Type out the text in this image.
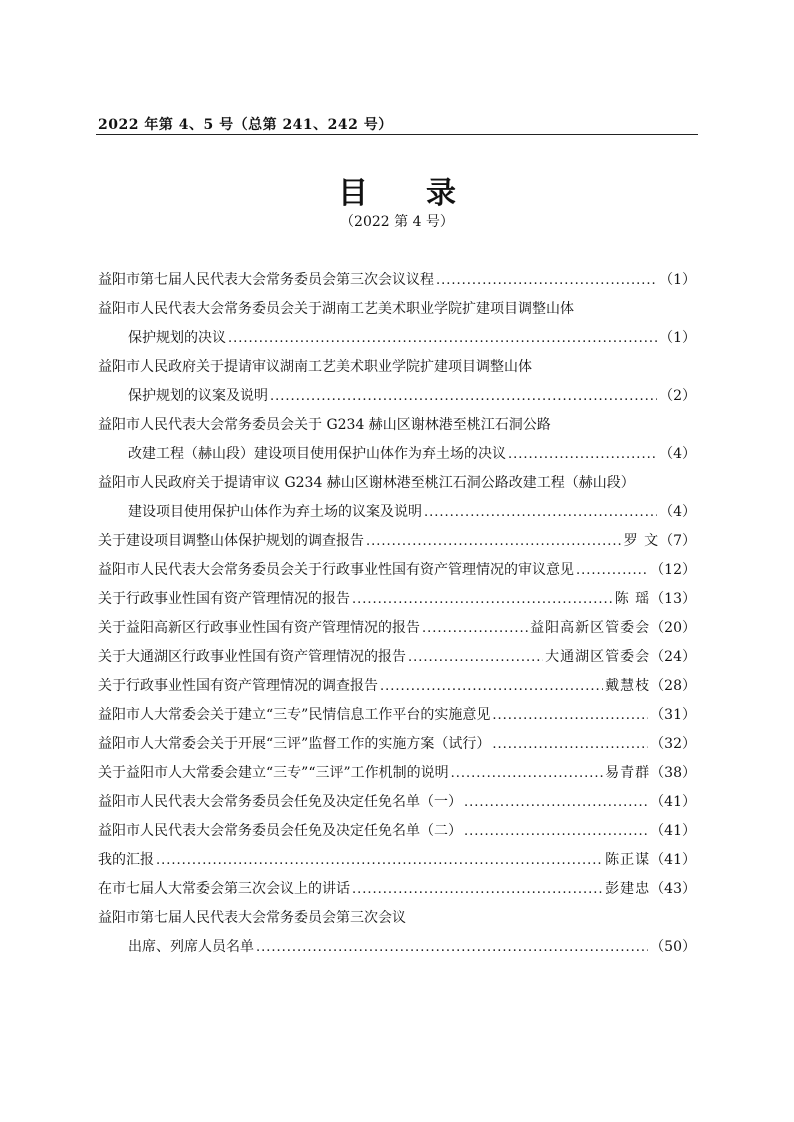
2022 年第 4、5 号（总第 241、242 号）
目录
（2022 第 4 号）
益阳市第七届人民代表大会常务委员会第三次会议议程 .....	（1）
益阳市人民代表大会常务委员会关于湖南工艺美术职业学院扩建项目调整山体
保护规划的决议 .....	（1）
益阳市人民政府关于提请审议湖南工艺美术职业学院扩建项目调整山体
保护规划的议案及说明 .....	（2）
益阳市人民代表大会常务委员会关于 G234 赫山区谢林港至桃江石洞公路
改建工程（赫山段）建设项目使用保护山体作为弃土场的决议 .....	（4）
益阳市人民政府关于提请审议 G234 赫山区谢林港至桃江石洞公路改建工程（赫山段）
建设项目使用保护山体作为弃土场的议案及说明 .....	（4）
关于建设项目调整山体保护规划的调查报告 .....	罗 文 （7）
益阳市人民代表大会常务委员会关于行政事业性国有资产管理情况的审议意见 .....	（12）
关于行政事业性国有资产管理情况的报告 .....	陈 瑶 （13）
关于益阳高新区行政事业性国有资产管理情况的报告 .....	益阳高新区管委会 （20）
关于大通湖区行政事业性国有资产管理情况的报告 .....	大通湖区管委会 （24）
关于行政事业性国有资产管理情况的调查报告 .....	戴慧枝 （28）
益阳市人大常委会关于建立“三专”民情信息工作平台的实施意见 .....	（31）
益阳市人大常委会关于开展“三评”监督工作的实施方案（试行） .....	（32）
关于益阳市人大常委会建立“三专”“三评”工作机制的说明 .....	易青群 （38）
益阳市人民代表大会常务委员会任免及决定任免名单（一） .....	（41）
益阳市人民代表大会常务委员会任免及决定任免名单（二） .....	（41）
我的汇报 .....	陈正谋 （41）
在市七届人大常委会第三次会议上的讲话 .....	彭建忠 （43）
益阳市第七届人民代表大会常务委员会第三次会议
出席、列席人员名单 .....	（50）
